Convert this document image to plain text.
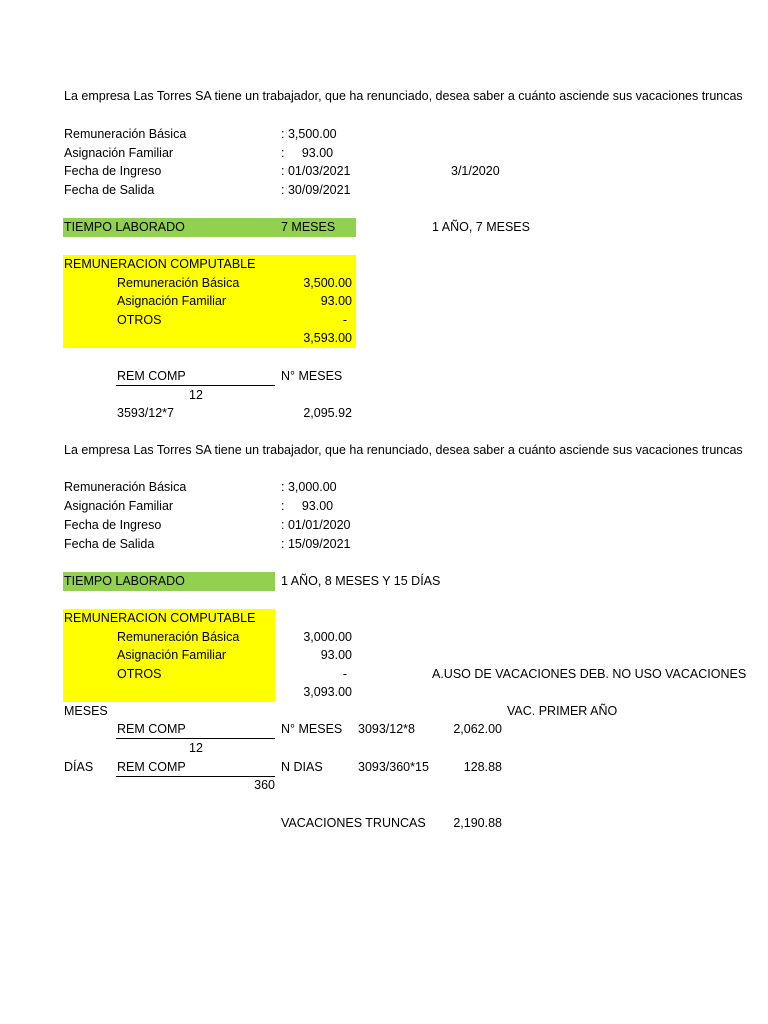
La empresa Las Torres SA tiene un trabajador, que ha renunciado, desea saber a cuánto asciende sus vacaciones truncas
Remuneración Básica	: 3,500.00
Asignación Familiar	:     93.00
Fecha de Ingreso	: 01/03/2021	3/1/2020
Fecha de Salida	: 30/09/2021
TIEMPO LABORADO	7 MESES	1 AÑO, 7 MESES
REMUNERACION COMPUTABLE
Remuneración Básica	3,500.00
Asignación Familiar	93.00
OTROS	-
3,593.00
REM COMP	N° MESES
12
3593/12*7	2,095.92
La empresa Las Torres SA tiene un trabajador, que ha renunciado, desea saber a cuánto asciende sus vacaciones truncas
Remuneración Básica	: 3,000.00
Asignación Familiar	:     93.00
Fecha de Ingreso	: 01/01/2020
Fecha de Salida	: 15/09/2021
TIEMPO LABORADO	1 AÑO, 8 MESES Y 15 DÍAS
REMUNERACION COMPUTABLE
Remuneración Básica	3,000.00
Asignación Familiar	93.00
OTROS	-	A.USO DE VACACIONES DEB. NO USO VACACIONES
3,093.00
MESES	VAC. PRIMER AÑO
REM COMP	N° MESES 3093/12*8	2,062.00
12
DÍAS REM COMP	N DIAS	3093/360*15	128.88
360
VACACIONES TRUNCAS	2,190.88
